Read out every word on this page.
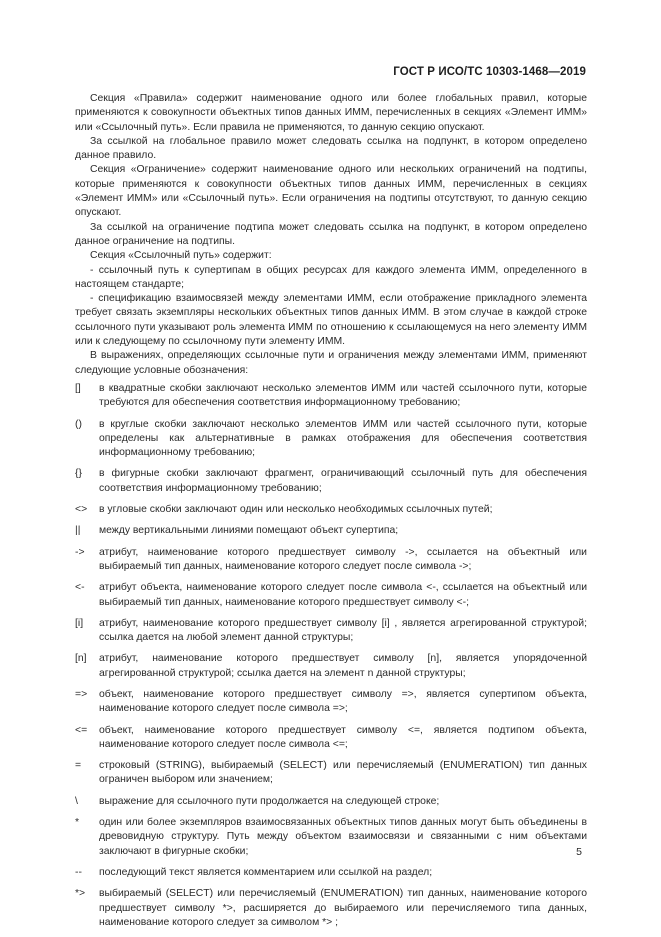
ГОСТ Р ИСО/ТС 10303-1468—2019

Секция «Правила» содержит наименование одного или более глобальных правил, которые применяются к совокупности объектных типов данных ИММ, перечисленных в секциях «Элемент ИММ» или «Ссылочный путь». Если правила не применяются, то данную секцию опускают.

За ссылкой на глобальное правило может следовать ссылка на подпункт, в котором определено данное правило.

Секция «Ограничение» содержит наименование одного или нескольких ограничений на подтипы, которые применяются к совокупности объектных типов данных ИММ, перечисленных в секциях «Элемент ИММ» или «Ссылочный путь». Если ограничения на подтипы отсутствуют, то данную секцию опускают.

За ссылкой на ограничение подтипа может следовать ссылка на подпункт, в котором определено данное ограничение на подтипы.

Секция «Ссылочный путь» содержит:

- ссылочный путь к супертипам в общих ресурсах для каждого элемента ИММ, определенного в настоящем стандарте;

- спецификацию взаимосвязей между элементами ИММ, если отображение прикладного элемента требует связать экземпляры нескольких объектных типов данных ИММ. В этом случае в каждой строке ссылочного пути указывают роль элемента ИММ по отношению к ссылающемуся на него элементу ИММ или к следующему по ссылочному пути элементу ИММ.

В выражениях, определяющих ссылочные пути и ограничения между элементами ИММ, применяют следующие условные обозначения:

[]	в квадратные скобки заключают несколько элементов ИММ или частей ссылочного пути, которые требуются для обеспечения соответствия информационному требованию;
()	в круглые скобки заключают несколько элементов ИММ или частей ссылочного пути, которые определены как альтернативные в рамках отображения для обеспечения соответствия информационному требованию;
{}	в фигурные скобки заключают фрагмент, ограничивающий ссылочный путь для обеспечения соответствия информационному требованию;
<>	в угловые скобки заключают один или несколько необходимых ссылочных путей;
||	между вертикальными линиями помещают объект супертипа;
->	атрибут, наименование которого предшествует символу ->, ссылается на объектный или выбираемый тип данных, наименование которого следует после символа ->;
<-	атрибут объекта, наименование которого следует после символа <-, ссылается на объектный или выбираемый тип данных, наименование которого предшествует символу <-;
[i]	атрибут, наименование которого предшествует символу [i] , является агрегированной структурой; ссылка дается на любой элемент данной структуры;
[n]	атрибут, наименование которого предшествует символу [n], является упорядоченной агрегированной структурой; ссылка дается на элемент n данной структуры;
=>	объект, наименование которого предшествует символу =>, является супертипом объекта, наименование которого следует после символа =>;
<=	объект, наименование которого предшествует символу <=, является подтипом объекта, наименование которого следует после символа <=;
=	строковый (STRING), выбираемый (SELECT) или перечисляемый (ENUMERATION) тип данных ограничен выбором или значением;
\	выражение для ссылочного пути продолжается на следующей строке;
*	один или более экземпляров взаимосвязанных объектных типов данных могут быть объединены в древовидную структуру. Путь между объектом взаимосвязи и связанными с ним объектами заключают в фигурные скобки;
--	последующий текст является комментарием или ссылкой на раздел;
*>	выбираемый (SELECT) или перечисляемый (ENUMERATION) тип данных, наименование которого предшествует символу *>, расширяется до выбираемого или перечисляемого типа данных, наименование которого следует за символом *> ;
5
